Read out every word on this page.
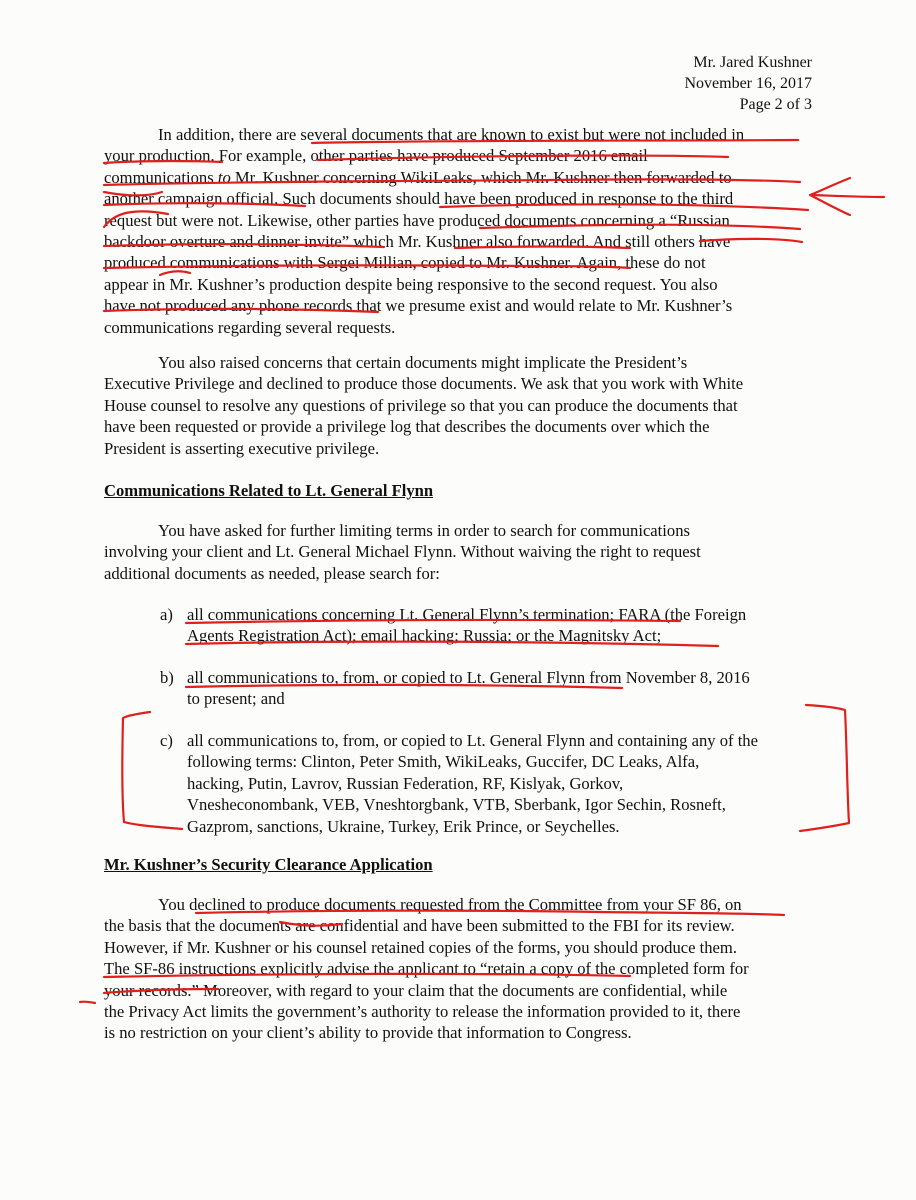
Mr. Jared Kushner
November 16, 2017
Page 2 of 3
In addition, there are several documents that are known to exist but were not included in
your production. For example, other parties have produced September 2016 email
communications to Mr. Kushner concerning WikiLeaks, which Mr. Kushner then forwarded to
another campaign official. Such documents should have been produced in response to the third
request but were not. Likewise, other parties have produced documents concerning a “Russian
backdoor overture and dinner invite” which Mr. Kushner also forwarded. And still others have
produced communications with Sergei Millian, copied to Mr. Kushner. Again, these do not
appear in Mr. Kushner’s production despite being responsive to the second request. You also
have not produced any phone records that we presume exist and would relate to Mr. Kushner’s
communications regarding several requests.
You also raised concerns that certain documents might implicate the President’s
Executive Privilege and declined to produce those documents. We ask that you work with White
House counsel to resolve any questions of privilege so that you can produce the documents that
have been requested or provide a privilege log that describes the documents over which the
President is asserting executive privilege.
Communications Related to Lt. General Flynn
You have asked for further limiting terms in order to search for communications
involving your client and Lt. General Michael Flynn. Without waiving the right to request
additional documents as needed, please search for:
a) all communications concerning Lt. General Flynn’s termination; FARA (the Foreign
Agents Registration Act); email hacking; Russia; or the Magnitsky Act;
b) all communications to, from, or copied to Lt. General Flynn from November 8, 2016
to present; and
c) all communications to, from, or copied to Lt. General Flynn and containing any of the
following terms: Clinton, Peter Smith, WikiLeaks, Guccifer, DC Leaks, Alfa,
hacking, Putin, Lavrov, Russian Federation, RF, Kislyak, Gorkov,
Vnesheconombank, VEB, Vneshtorgbank, VTB, Sberbank, Igor Sechin, Rosneft,
Gazprom, sanctions, Ukraine, Turkey, Erik Prince, or Seychelles.
Mr. Kushner’s Security Clearance Application
You declined to produce documents requested from the Committee from your SF 86, on
the basis that the documents are confidential and have been submitted to the FBI for its review.
However, if Mr. Kushner or his counsel retained copies of the forms, you should produce them.
The SF-86 instructions explicitly advise the applicant to “retain a copy of the completed form for
your records.” Moreover, with regard to your claim that the documents are confidential, while
the Privacy Act limits the government’s authority to release the information provided to it, there
is no restriction on your client’s ability to provide that information to Congress.
